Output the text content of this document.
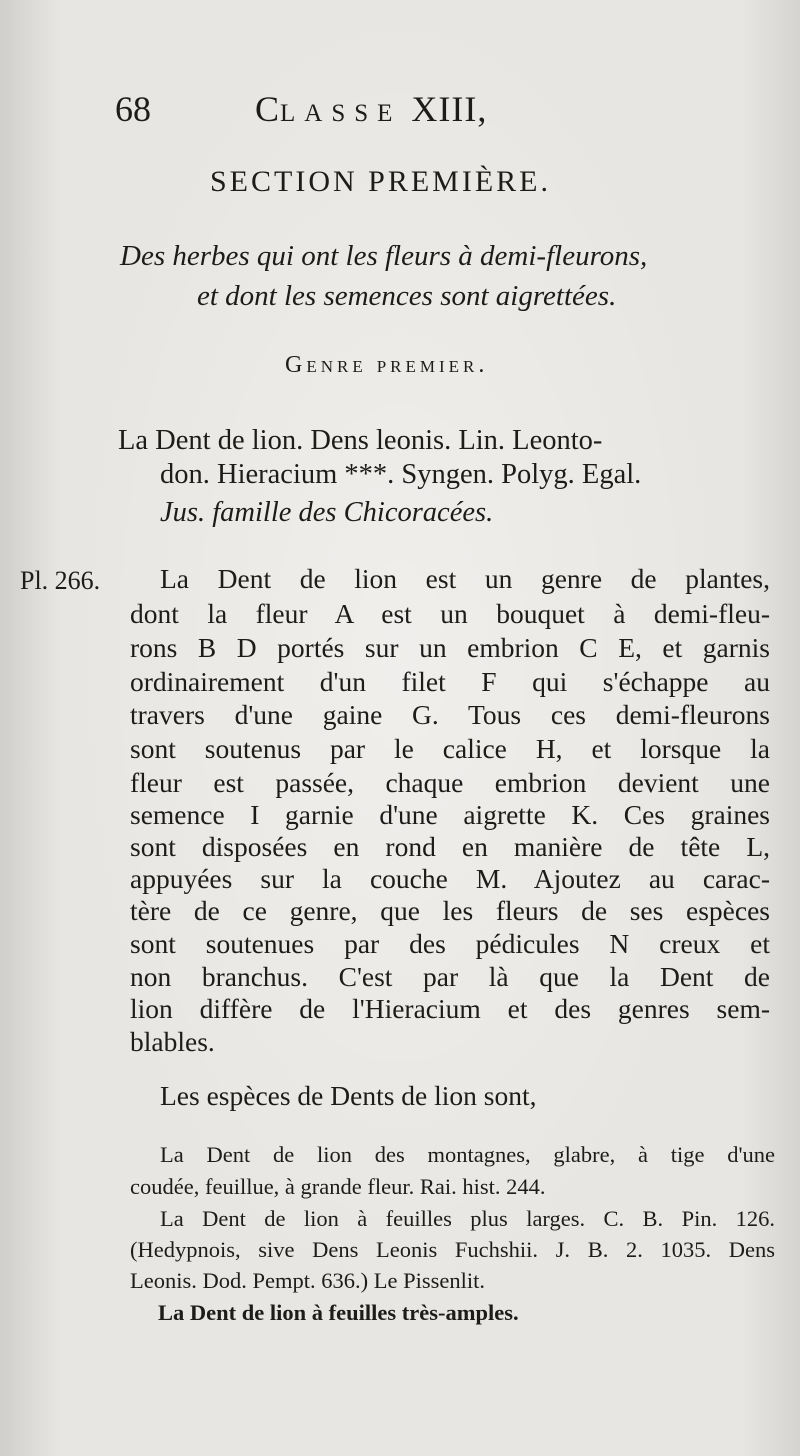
68	Classe XIII,
SECTION PREMIÈRE.
Des herbes qui ont les fleurs à demi-fleurons,
et dont les semences sont aigrettées.
Genre premier.
La Dent de lion. Dens leonis. Lin. Leonto-
don. Hieracium ***. Syngen. Polyg. Egal.
Jus. famille des Chicoracées.
Pl. 266. La Dent de lion est un genre de plantes,
dont la fleur A est un bouquet à demi-fleu-
rons B D portés sur un embrion C E, et garnis
ordinairement d'un filet F qui s'échappe au
travers d'une gaine G. Tous ces demi-fleurons
sont soutenus par le calice H, et lorsque la
fleur est passée, chaque embrion devient une
semence I garnie d'une aigrette K. Ces graines
sont disposées en rond en manière de tête L,
appuyées sur la couche M. Ajoutez au carac-
tère de ce genre, que les fleurs de ses espèces
sont soutenues par des pédicules N creux et
non branchus. C'est par là que la Dent de
lion diffère de l'Hieracium et des genres sem-
blables.
Les espèces de Dents de lion sont,
La Dent de lion des montagnes, glabre, à tige d'une
coudée, feuillue, à grande fleur. Rai. hist. 244.
La Dent de lion à feuilles plus larges. C. B. Pin. 126.
(Hedypnois, sive Dens Leonis Fuchshii. J. B. 2. 1035. Dens
Leonis. Dod. Pempt. 636.) Le Pissenlit.
La Dent de lion à feuilles très-amples.
